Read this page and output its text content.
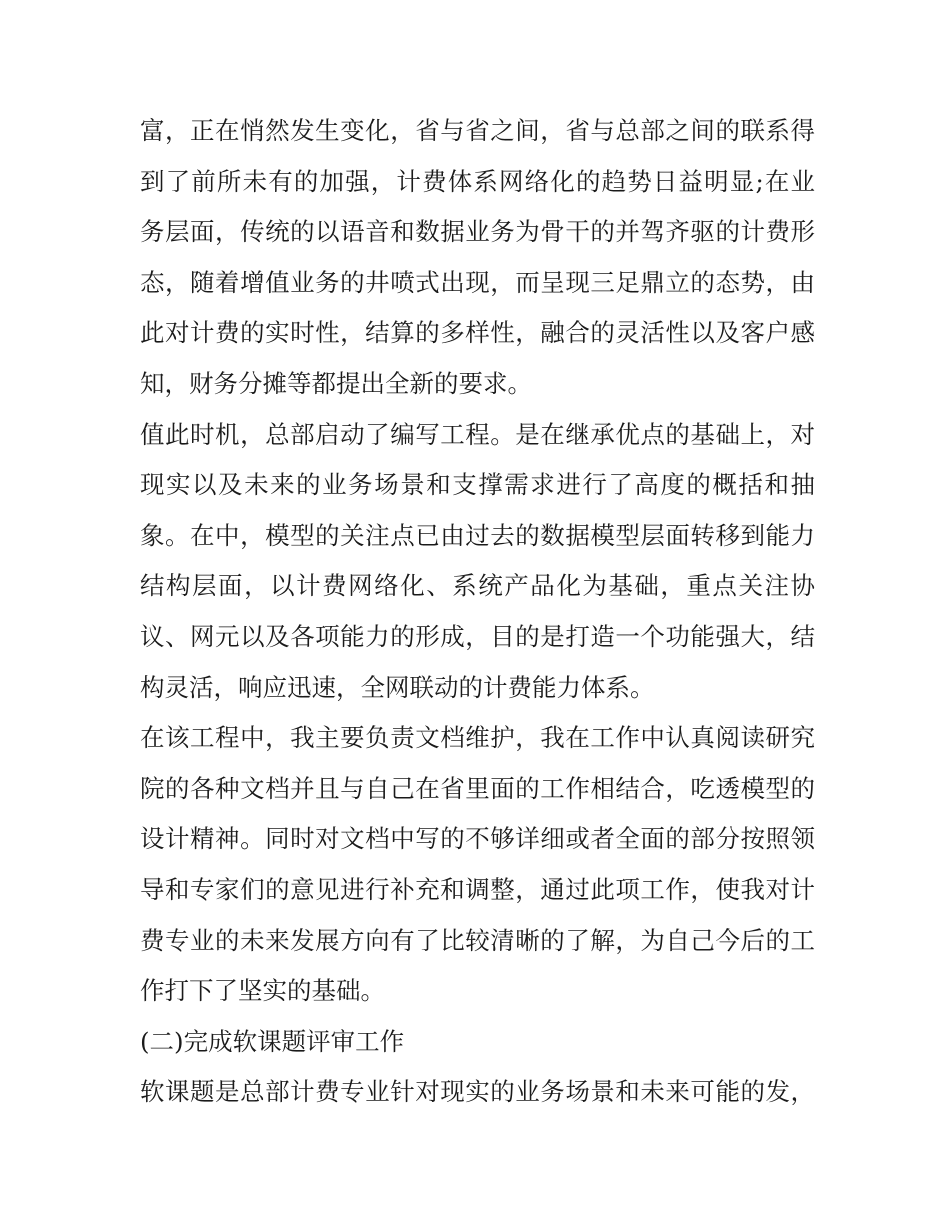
富，正在悄然发生变化，省与省之间，省与总部之间的联系得
到了前所未有的加强，计费体系网络化的趋势日益明显;在业
务层面，传统的以语音和数据业务为骨干的并驾齐驱的计费形
态，随着增值业务的井喷式出现，而呈现三足鼎立的态势，由
此对计费的实时性，结算的多样性，融合的灵活性以及客户感
知，财务分摊等都提出全新的要求。
值此时机，总部启动了编写工程。是在继承优点的基础上，对
现实以及未来的业务场景和支撑需求进行了高度的概括和抽
象。在中，模型的关注点已由过去的数据模型层面转移到能力
结构层面，以计费网络化、系统产品化为基础，重点关注协
议、网元以及各项能力的形成，目的是打造一个功能强大，结
构灵活，响应迅速，全网联动的计费能力体系。
在该工程中，我主要负责文档维护，我在工作中认真阅读研究
院的各种文档并且与自己在省里面的工作相结合，吃透模型的
设计精神。同时对文档中写的不够详细或者全面的部分按照领
导和专家们的意见进行补充和调整，通过此项工作，使我对计
费专业的未来发展方向有了比较清晰的了解，为自己今后的工
作打下了坚实的基础。
(二)完成软课题评审工作
软课题是总部计费专业针对现实的业务场景和未来可能的发，
